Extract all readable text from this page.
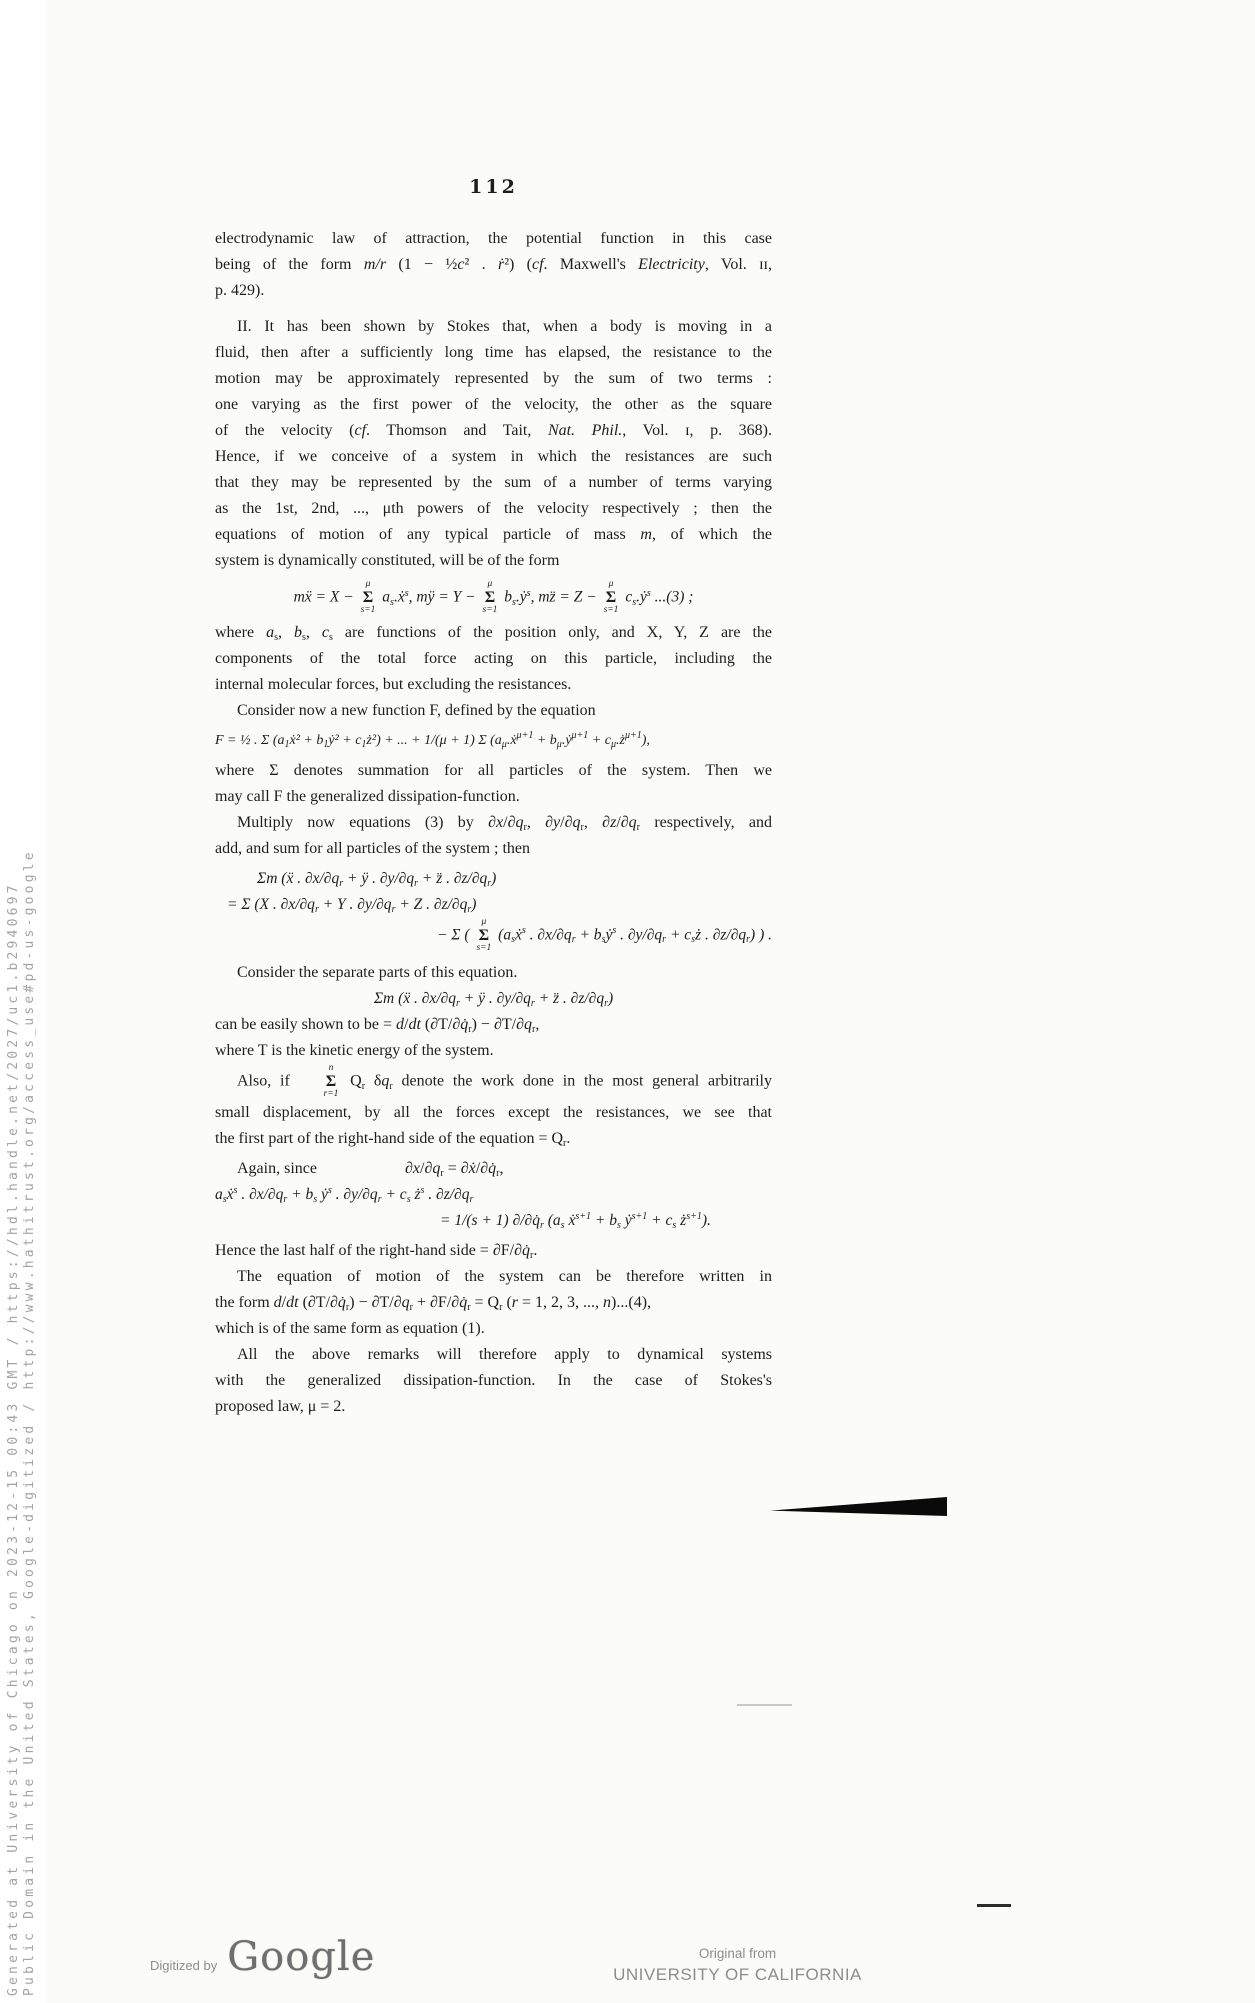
Generated at University of Chicago on 2023-12-15 00:43 GMT / https://hdl.handle.net/2027/uc1.b2940697 Public Domain in the United States, Google-digitized / http://www.hathitrust.org/access_use#pd-us-google
112
electrodynamic law of attraction, the potential function in this case
being of the form m/r (1 − ½c² . ṙ²) (cf. Maxwell's Electricity, Vol. ɪɪ,
p. 429).
II. It has been shown by Stokes that, when a body is moving in a
fluid, then after a sufficiently long time has elapsed, the resistance to the
motion may be approximately represented by the sum of two terms :
one varying as the first power of the velocity, the other as the square
of the velocity (cf. Thomson and Tait, Nat. Phil., Vol. ɪ, p. 368).
Hence, if we conceive of a system in which the resistances are such
that they may be represented by the sum of a number of terms varying
as the 1st, 2nd, ..., μth powers of the velocity respectively ; then the
equations of motion of any typical particle of mass m, of which the
system is dynamically constituted, will be of the form
mẍ = X −
μ
Σ
s=1
$a_s.ẋ^s$, mÿ = Y −
μ
Σ
s=1
$b_s.ẏ^s$, mz̈ = Z −
μ
Σ
s=1
$c_s.ẏ^s$ ...(3) ;
where $a_s$, $b_s$, $c_s$ are functions of the position only, and X, Y, Z are the
components of the total force acting on this particle, including the
internal molecular forces, but excluding the resistances.
Consider now a new function F, defined by the equation
F = ½ . Σ ($a_1ẋ^2$ + $b_1ẏ^2$ + $c_1ż^2$) + ... + 1/(μ + 1) Σ ($a_\mu.ẋ^{\mu+1}$ + $b_\mu.ẏ^{\mu+1}$ + $c_\mu.ż^{\mu+1}$),
where Σ denotes summation for all particles of the system. Then we
may call F the generalized dissipation-function.
Multiply now equations (3) by $\partial x/\partial q_r$, $\partial y/\partial q_r$, $\partial z/\partial q_r$ respectively, and
add, and sum for all particles of the system ; then
Σm (ẍ . $\partial x/\partial q_r$ + ÿ . $\partial y/\partial q_r$ + z̈ . $\partial z/\partial q_r$)
= Σ (X . $\partial x/\partial q_r + Y$ . $\partial y/\partial q_r + Z$ . $\partial z/\partial q_r$)
− Σ (
μ
Σ
s=1
($a_sẋ^s$ . $\partial x/\partial q_r$ + $b_sẏ^s$ . $\partial y/\partial q_r$ + $c_sż$ . $\partial z/\partial q_r$) ) .
Consider the separate parts of this equation.
Σm (ẍ . $\partial x/\partial q_r$ + ÿ . $\partial y/\partial q_r$ + z̈ . $\partial z/\partial q_r$)
can be easily shown to be = d/dt $(\partial T/\partial q̇_r) - \partial T/\partial q_r$,
where T is the kinetic energy of the system.
Also, if
n
Σ
r=1
$Q_r$ $\delta q_r$ denote the work done in the most general arbitrarily
small displacement, by all the forces except the resistances, we see that
the first part of the right-hand side of the equation = $Q_r$.
Again, since       $\partial x/\partial q_r$ = $\partial ẋ/\partial q̇_r$,
$a_sẋ^s$ . $\partial x/\partial q_r + b_s$ ẏ$^s$ . $\partial y/\partial q_r + c_s$ $ż^s$ . $\partial z/\partial q_r$
= 1/(s + 1) $\partial/\partial q̇_r$ ($a_s$ ẋ$^{s+1}$ + $b_s$ ẏ$^{s+1}$ + $c_s$ $ż^{s+1}$).
Hence the last half of the right-hand side = $\partial F/\partial q̇_r$.
The equation of motion of the system can be therefore written in
the form d/dt $(\partial T/\partial q̇_r) - \partial T/\partial q_r$ + $\partial F/\partial q̇_r = Q_r$ (r = 1, 2, 3, ..., n)...(4),
which is of the same form as equation (1).
All the above remarks will therefore apply to dynamical systems
with the generalized dissipation-function. In the case of Stokes's
proposed law, μ = 2.
Digitized by Google	Original from
UNIVERSITY OF CALIFORNIA
